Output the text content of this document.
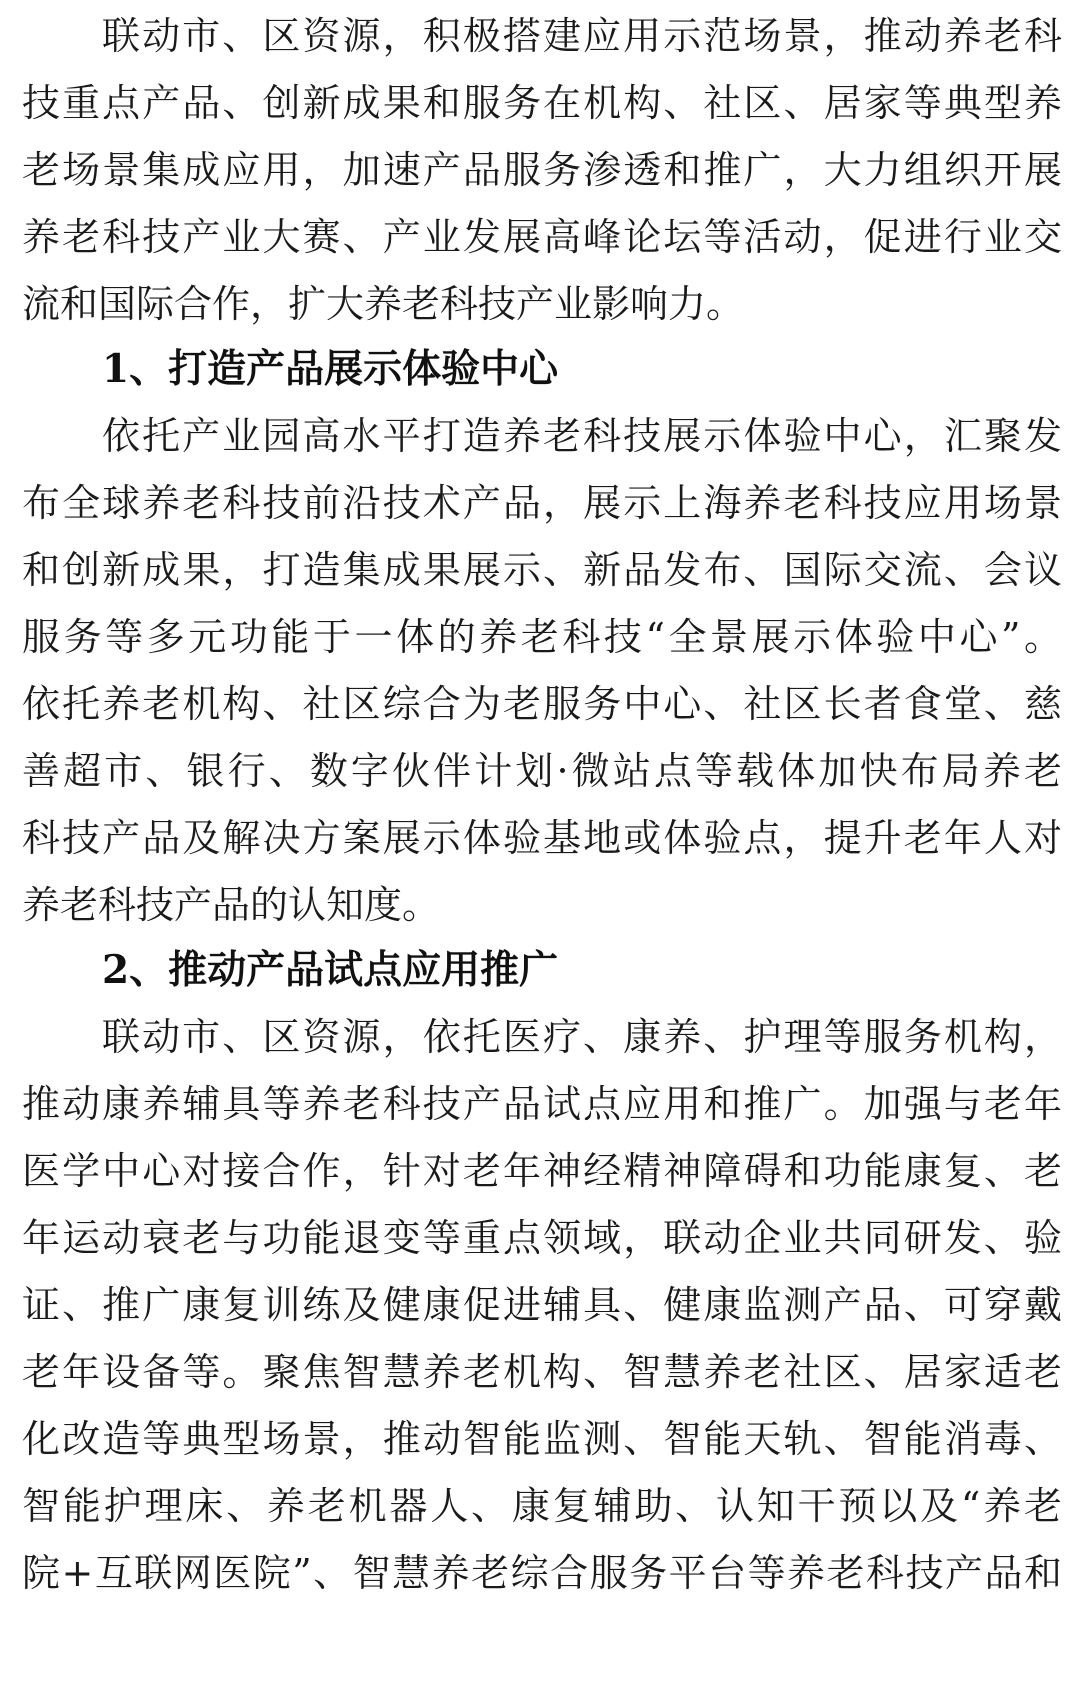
联动市、区资源，积极搭建应用示范场景，推动养老科
技重点产品、创新成果和服务在机构、社区、居家等典型养
老场景集成应用，加速产品服务渗透和推广，大力组织开展
养老科技产业大赛、产业发展高峰论坛等活动，促进行业交
流和国际合作，扩大养老科技产业影响力。
1、打造产品展示体验中心
依托产业园高水平打造养老科技展示体验中心，汇聚发
布全球养老科技前沿技术产品，展示上海养老科技应用场景
和创新成果，打造集成果展示、新品发布、国际交流、会议
服务等多元功能于一体的养老科技“全景展示体验中心”。
依托养老机构、社区综合为老服务中心、社区长者食堂、慈
善超市、银行、数字伙伴计划·微站点等载体加快布局养老
科技产品及解决方案展示体验基地或体验点，提升老年人对
养老科技产品的认知度。
2、推动产品试点应用推广
联动市、区资源，依托医疗、康养、护理等服务机构，
推动康养辅具等养老科技产品试点应用和推广。加强与老年
医学中心对接合作，针对老年神经精神障碍和功能康复、老
年运动衰老与功能退变等重点领域，联动企业共同研发、验
证、推广康复训练及健康促进辅具、健康监测产品、可穿戴
老年设备等。聚焦智慧养老机构、智慧养老社区、居家适老
化改造等典型场景，推动智能监测、智能天轨、智能消毒、
智能护理床、养老机器人、康复辅助、认知干预以及“养老
院+互联网医院”、智慧养老综合服务平台等养老科技产品和
